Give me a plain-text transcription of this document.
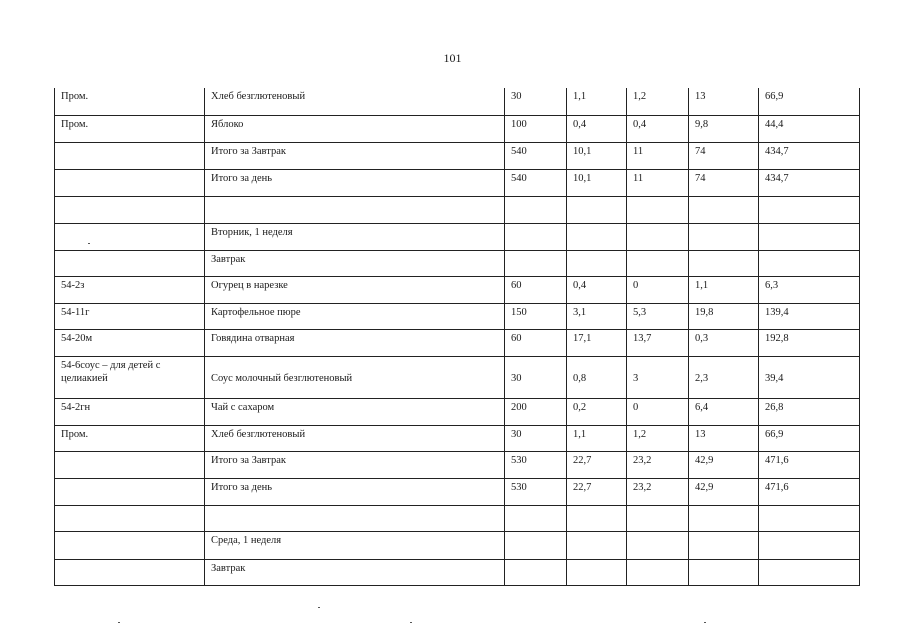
101
Пром.	Хлеб безглютеновый	30	1,1	1,2	13	66,9
Пром.	Яблоко	100	0,4	0,4	9,8	44,4
	Итого за Завтрак	540	10,1	11	74	434,7
	Итого за день	540	10,1	11	74	434,7

	Вторник, 1 неделя					
	Завтрак					
54-2з	Огурец в нарезке	60	0,4	0	1,1	6,3
54-11г	Картофельное пюре	150	3,1	5,3	19,8	139,4
54-20м	Говядина отварная	60	17,1	13,7	0,3	192,8
54-6соус – для детей с целиакией	Соус молочный безглютеновый	30	0,8	3	2,3	39,4
54-2гн	Чай с сахаром	200	0,2	0	6,4	26,8
Пром.	Хлеб безглютеновый	30	1,1	1,2	13	66,9
	Итого за Завтрак	530	22,7	23,2	42,9	471,6
	Итого за день	530	22,7	23,2	42,9	471,6

	Среда, 1 неделя					
	Завтрак					
